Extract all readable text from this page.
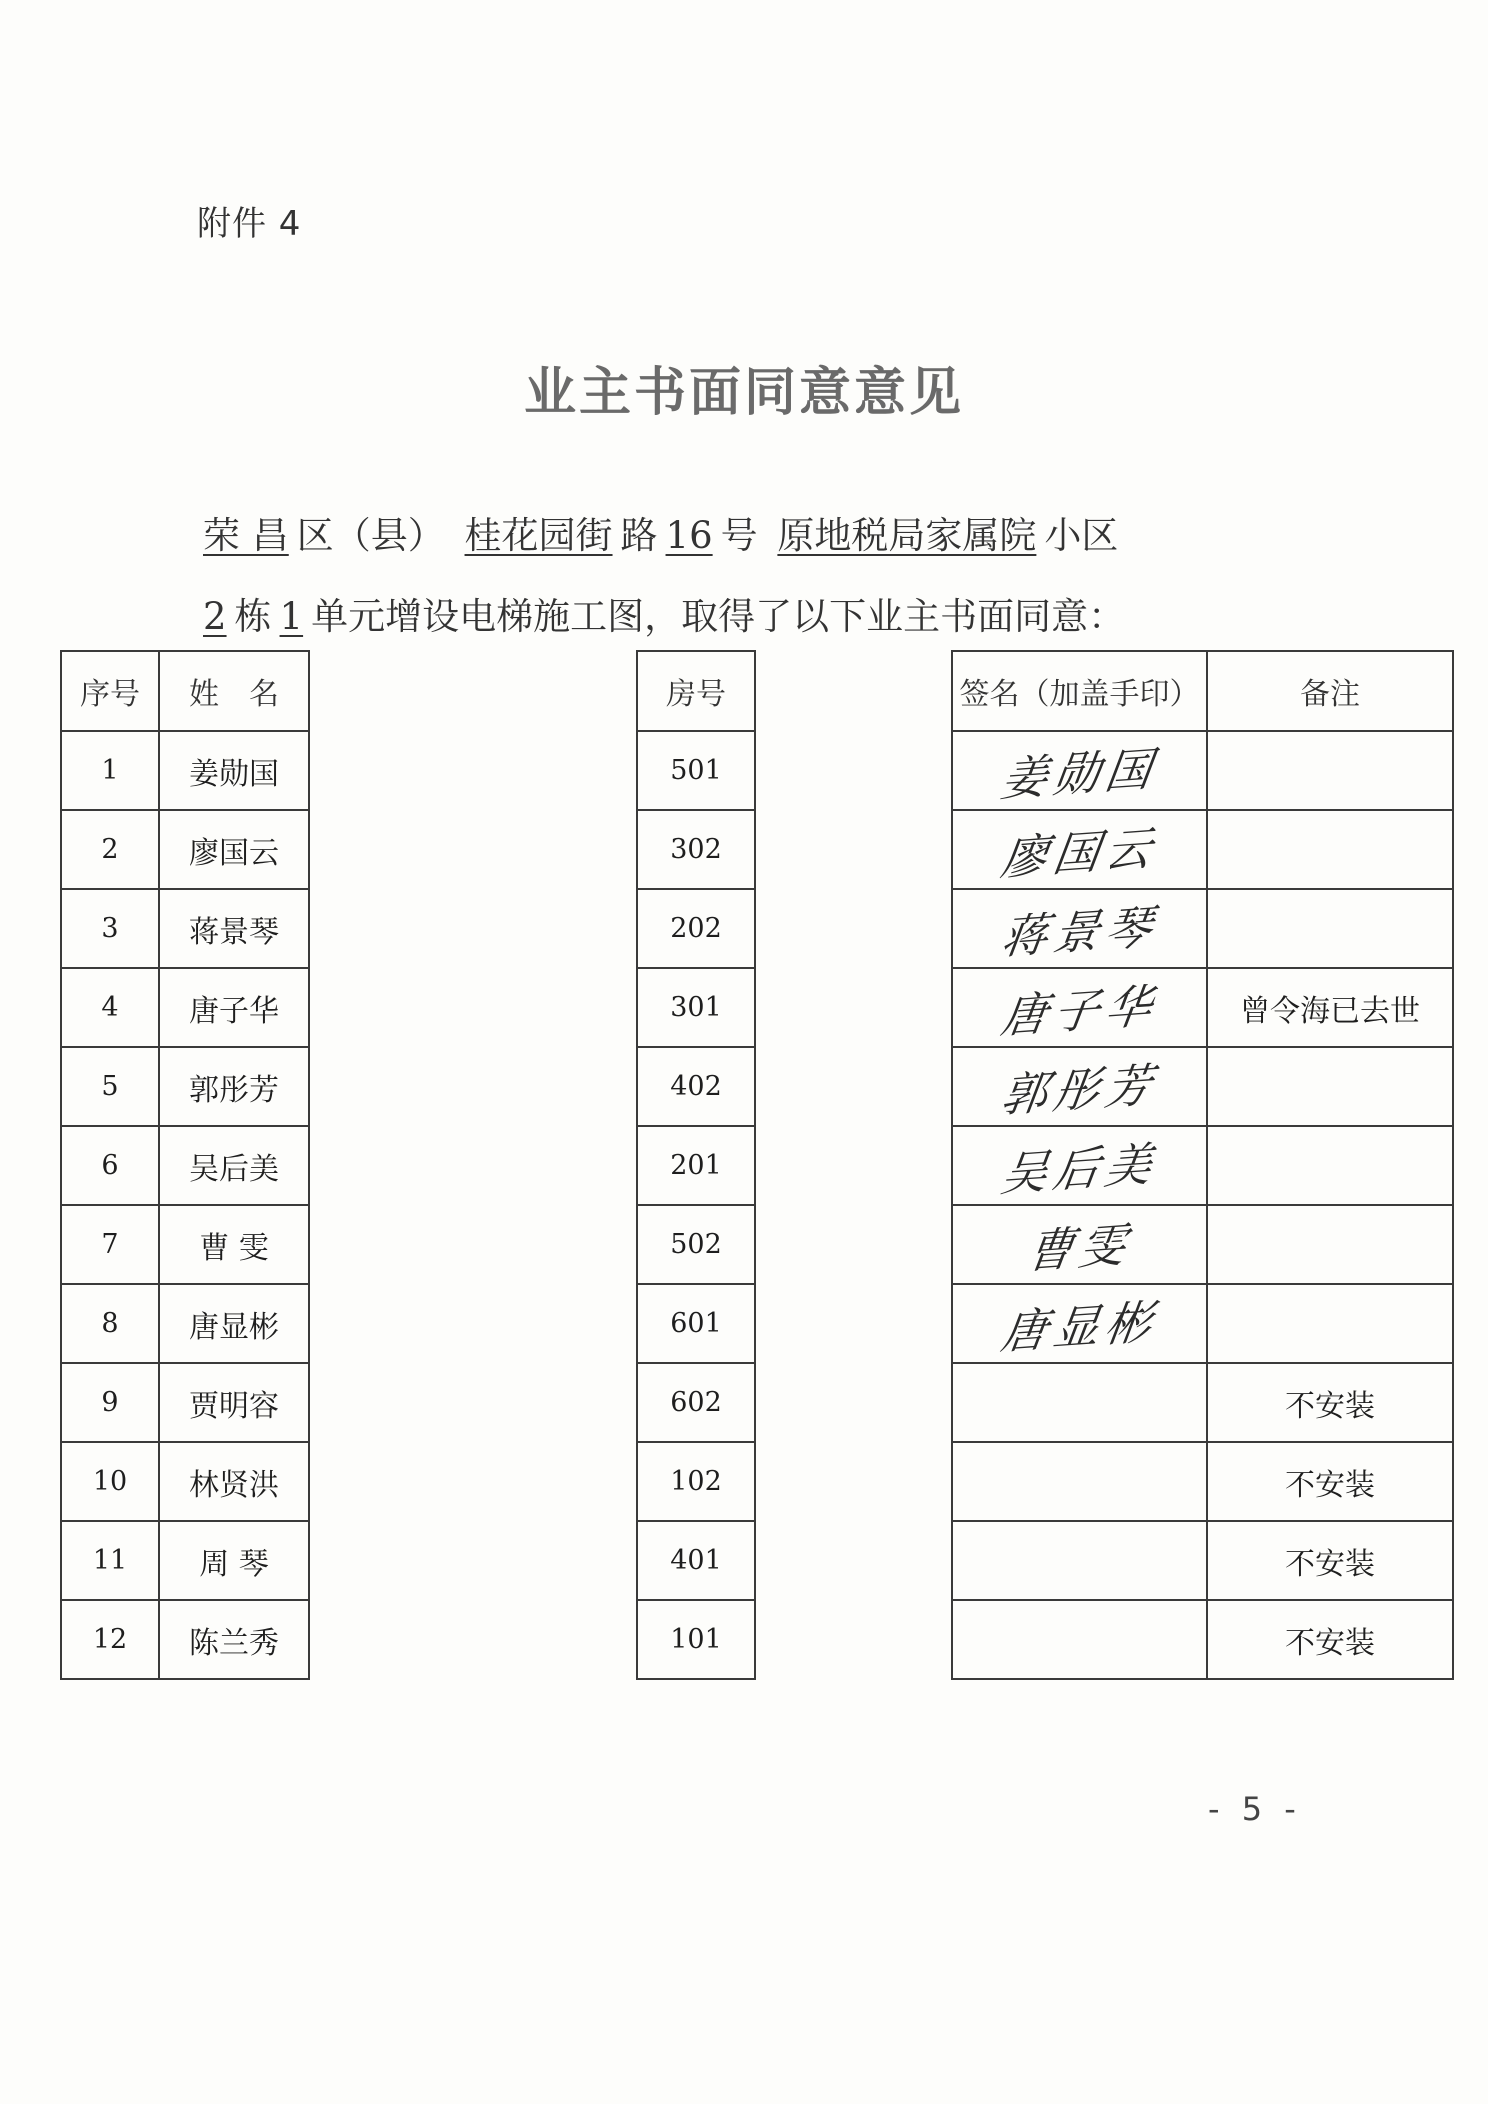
附件 4
业主书面同意意见
荣 昌 区（县） 桂花园街 路 16 号 原地税局家属院 小区
2 栋 1 单元增设电梯施工图，取得了以下业主书面同意：
序号	姓　名		房号		签名（加盖手印）	备注
1	姜勋国		501		姜勋国	
2	廖国云		302		廖国云	
3	蒋景琴		202		蒋景琴	
4	唐子华		301		唐子华	曾令海已去世
5	郭彤芳		402		郭彤芳	
6	吴后美		201		吴后美	
7	曹 雯		502		曹雯	
8	唐显彬		601		唐显彬	
9	贾明容		602			不安装
10	林贤洪		102			不安装
11	周 琴		401			不安装
12	陈兰秀		101			不安装
- 5 -
